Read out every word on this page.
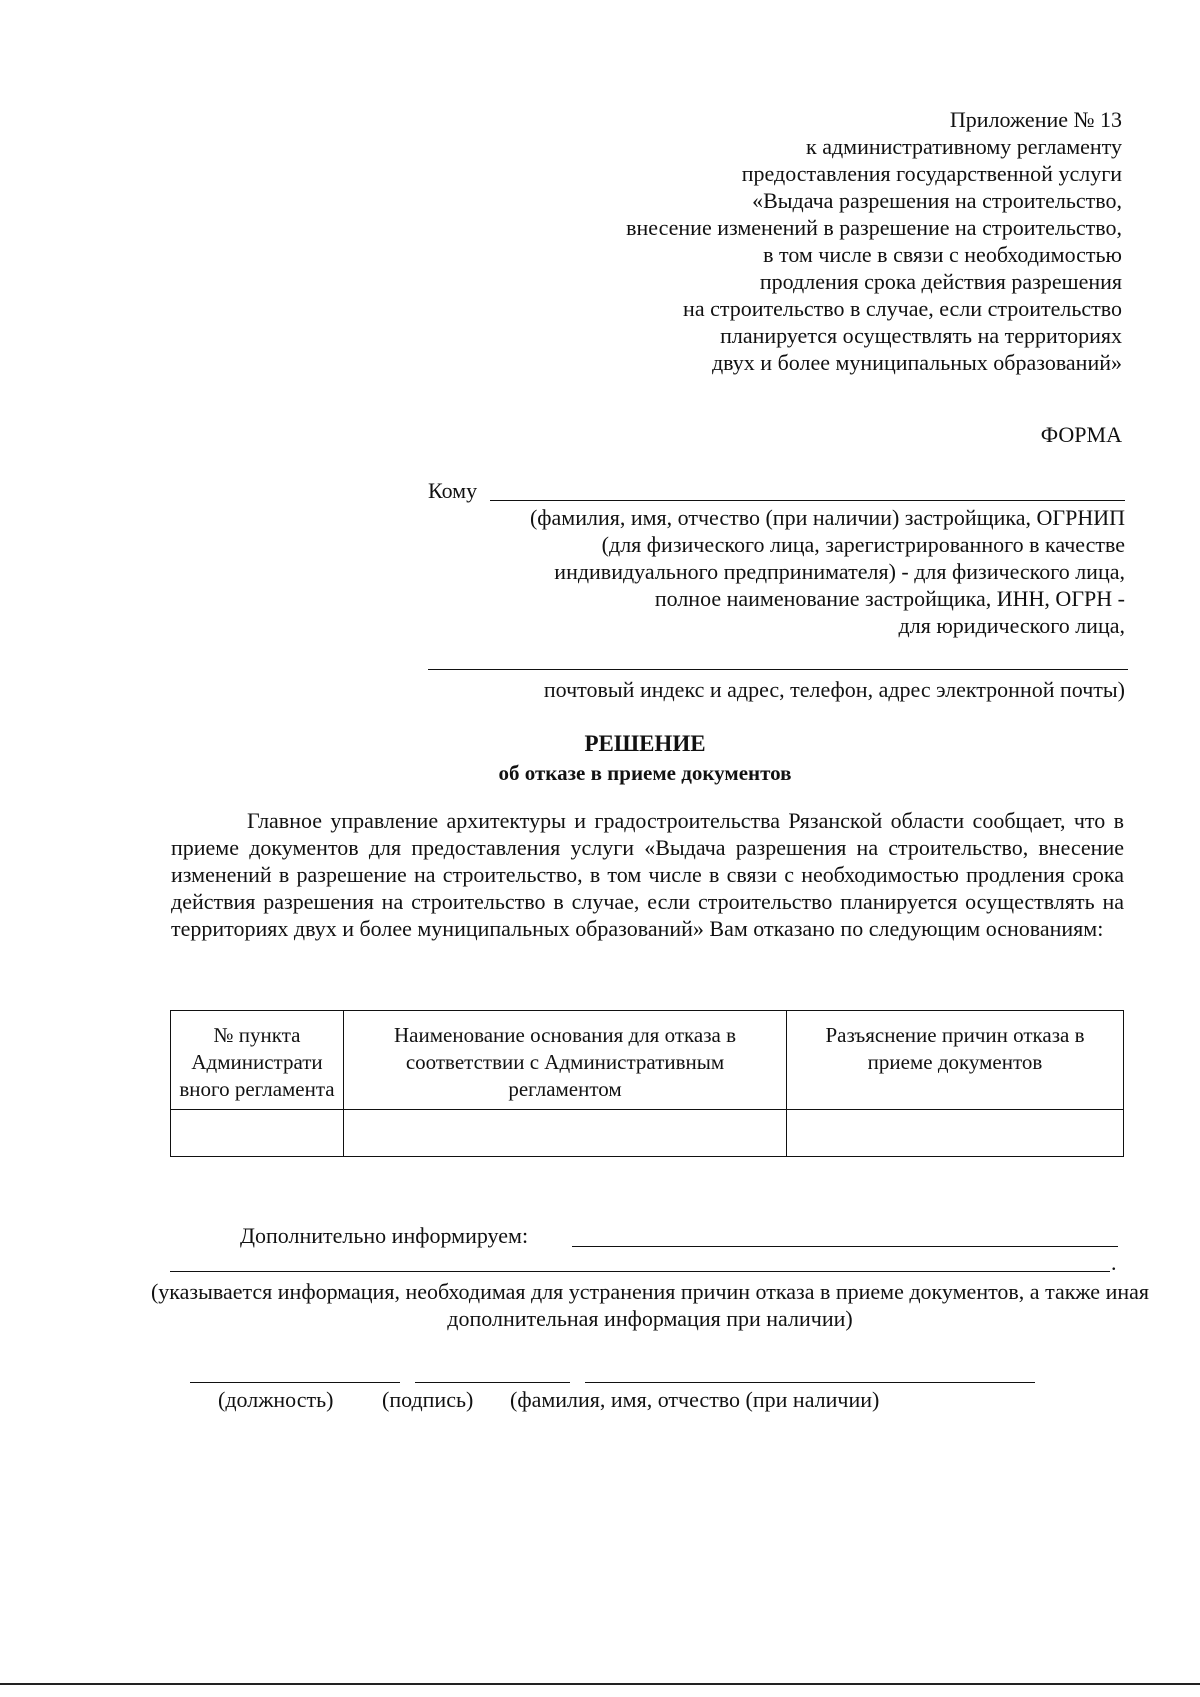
Приложение № 13
к административному регламенту
предоставления государственной услуги
«Выдача разрешения на строительство,
внесение изменений в разрешение на строительство,
в том числе в связи с необходимостью
продления срока действия разрешения
на строительство в случае, если строительство
планируется осуществлять на территориях
двух и более муниципальных образований»
ФОРМА
Кому
(фамилия, имя, отчество (при наличии) застройщика, ОГРНИП
(для физического лица, зарегистрированного в качестве
индивидуального предпринимателя) - для физического лица,
полное наименование застройщика, ИНН, ОГРН -
для юридического лица,
почтовый индекс и адрес, телефон, адрес электронной почты)
РЕШЕНИЕ
об отказе в приеме документов

Главное управление архитектуры и градостроительства Рязанской области сообщает, что в приеме документов для предоставления услуги «Выдача разрешения на строительство, внесение изменений в разрешение на строительство, в том числе в связи с необходимостью продления срока действия разрешения на строительство в случае, если строительство планируется осуществлять на территориях двух и более муниципальных образований» Вам отказано по следующим основаниям:

№ пункта Администрати вного регламента	Наименование основания для отказа в соответствии с Административным регламентом	Разъяснение причин отказа в приеме документов

Дополнительно информируем:
.
(указывается информация, необходимая для устранения причин отказа в приеме документов, а также иная дополнительная информация при наличии)
(должность) (подпись) (фамилия, имя, отчество (при наличии)
